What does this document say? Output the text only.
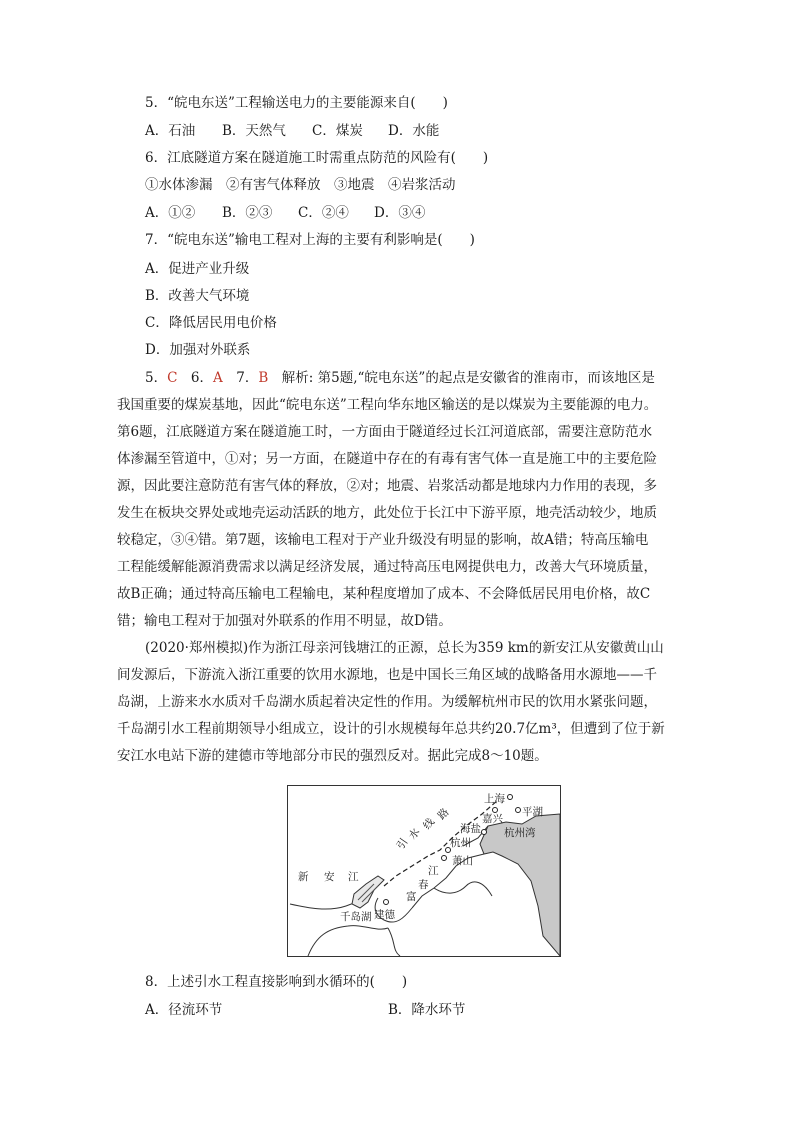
5．“皖电东送”工程输送电力的主要能源来自(　　)
A．石油 B．天然气 C．煤炭 D．水能
6．江底隧道方案在隧道施工时需重点防范的风险有(　　)
①水体渗漏　②有害气体释放　③地震　④岩浆活动
A．①② B．②③ C．②④ D．③④
7．“皖电东送”输电工程对上海的主要有利影响是(　　)
A．促进产业升级
B．改善大气环境
C．降低居民用电价格
D．加强对外联系
5．C　6．A　7．B　解析: 第5题,“皖电东送”的起点是安徽省的淮南市，而该地区是
我国重要的煤炭基地，因此“皖电东送”工程向华东地区输送的是以煤炭为主要能源的电力。
第6题，江底隧道方案在隧道施工时，一方面由于隧道经过长江河道底部，需要注意防范水
体渗漏至管道中，①对；另一方面，在隧道中存在的有毒有害气体一直是施工中的主要危险
源，因此要注意防范有害气体的释放，②对；地震、岩浆活动都是地球内力作用的表现，多
发生在板块交界处或地壳运动活跃的地方，此处位于长江中下游平原，地壳活动较少，地质
较稳定，③④错。第7题，该输电工程对于产业升级没有明显的影响，故A错；特高压输电
工程能缓解能源消费需求以满足经济发展，通过特高压电网提供电力，改善大气环境质量，
故B正确；通过特高压输电工程输电，某种程度增加了成本、不会降低居民用电价格，故C
错；输电工程对于加强对外联系的作用不明显，故D错。
(2020·郑州模拟)作为浙江母亲河钱塘江的正源，总长为359 km的新安江从安徽黄山山
间发源后，下游流入浙江重要的饮用水源地，也是中国长三角区域的战略备用水源地——千
岛湖，上游来水水质对千岛湖水质起着决定性的作用。为缓解杭州市民的饮用水紧张问题，
千岛湖引水工程前期领导小组成立，设计的引水规模每年总共约20.7亿m³，但遭到了位于新
安江水电站下游的建德市等地部分市民的强烈反对。据此完成8～10题。
上海
平湖
嘉兴
海盐 杭州湾
杭州
萧山
新 安 江	江
春
富
千岛湖 建德
引
水
线
路
8．上述引水工程直接影响到水循环的(　　)
A．径流环节	B．降水环节
